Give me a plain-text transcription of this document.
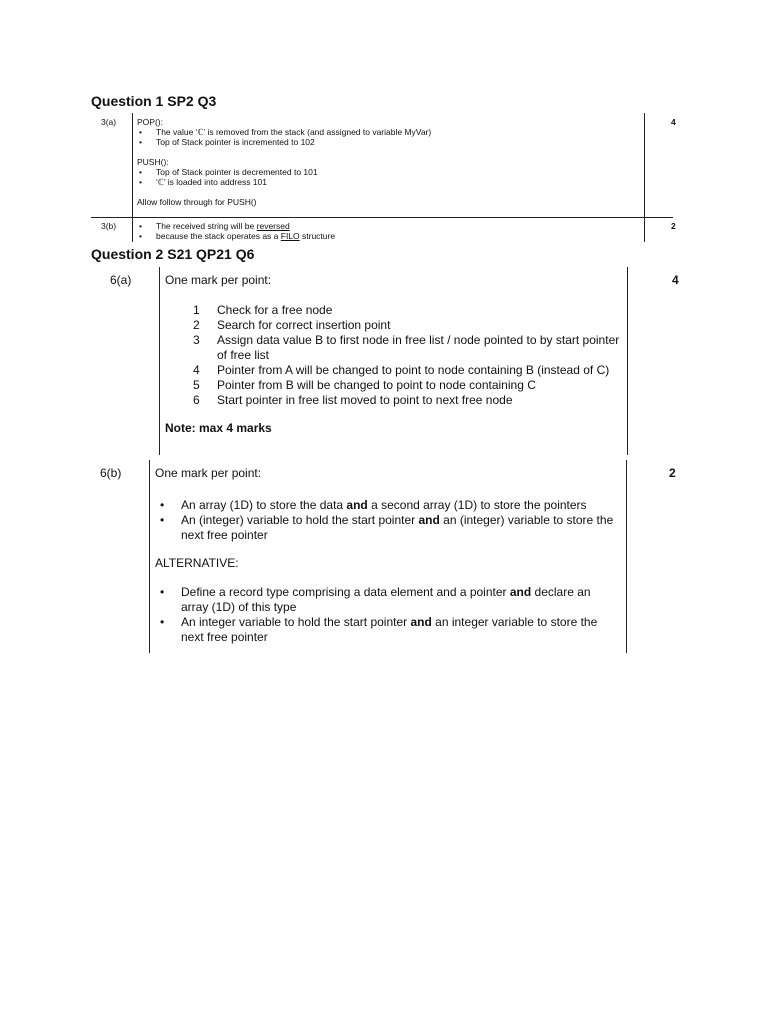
Question 1 SP2 Q3
3(a)	4
POP():
• The value ‘ℂ’ is removed from the stack (and assigned to variable MyVar)
• Top of Stack pointer is incremented to 102
PUSH():
• Top of Stack pointer is decremented to 101
• ‘ℂ’ is loaded into address 101
Allow follow through for PUSH()
3(b)	2
• The received string will be reversed
• because the stack operates as a FILO structure
Question 2 S21 QP21 Q6
6(a)	4
One mark per point:
1 Check for a free node
2 Search for correct insertion point
3 Assign data value B to first node in free list / node pointed to by start pointer of free list
4 Pointer from A will be changed to point to node containing B (instead of C)
5 Pointer from B will be changed to point to node containing C
6 Start pointer in free list moved to point to next free node
Note: max 4 marks
6(b)	2
One mark per point:
• An array (1D) to store the data and a second array (1D) to store the pointers
• An (integer) variable to hold the start pointer and an (integer) variable to store the next free pointer
ALTERNATIVE:
• Define a record type comprising a data element and a pointer and declare an array (1D) of this type
• An integer variable to hold the start pointer and an integer variable to store the next free pointer
